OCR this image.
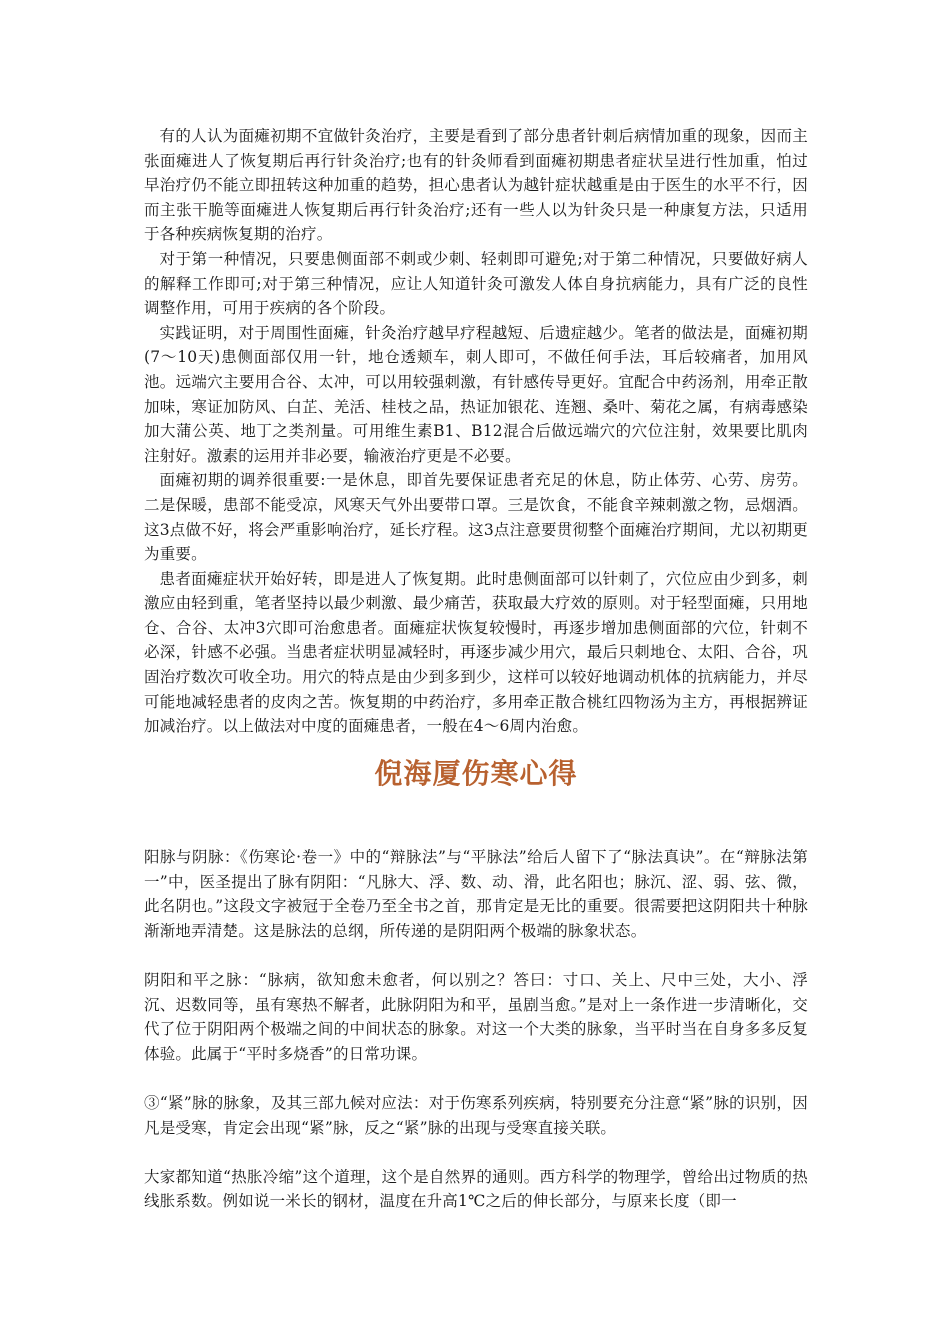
有的人认为面瘫初期不宜做针灸治疗，主要是看到了部分患者针刺后病情加重的现象，因而主张面瘫进人了恢复期后再行针灸治疗;也有的针灸师看到面瘫初期患者症状呈进行性加重，怕过早治疗仍不能立即扭转这种加重的趋势，担心患者认为越针症状越重是由于医生的水平不行，因而主张干脆等面瘫进人恢复期后再行针灸治疗;还有一些人以为针灸只是一种康复方法，只适用于各种疾病恢复期的治疗。

对于第一种情况，只要患侧面部不刺或少刺、轻刺即可避免;对于第二种情况，只要做好病人的解释工作即可;对于第三种情况，应让人知道针灸可激发人体自身抗病能力，具有广泛的良性调整作用，可用于疾病的各个阶段。

实践证明，对于周围性面瘫，针灸治疗越早疗程越短、后遗症越少。笔者的做法是，面瘫初期(7～10天)患侧面部仅用一针，地仓透颊车，刺人即可，不做任何手法，耳后较痛者，加用风池。远端穴主要用合谷、太冲，可以用较强刺激，有针感传导更好。宜配合中药汤剂，用牵正散加味，寒证加防风、白芷、羌活、桂枝之品，热证加银花、连翘、桑叶、菊花之属，有病毒感染加大蒲公英、地丁之类剂量。可用维生素B1、B12混合后做远端穴的穴位注射，效果要比肌肉注射好。激素的运用并非必要，输液治疗更是不必要。

面瘫初期的调养很重要:一是休息，即首先要保证患者充足的休息，防止体劳、心劳、房劳。二是保暖，患部不能受凉，风寒天气外出要带口罩。三是饮食，不能食辛辣刺激之物，忌烟酒。这3点做不好，将会严重影响治疗，延长疗程。这3点注意要贯彻整个面瘫治疗期间，尤以初期更为重要。

患者面瘫症状开始好转，即是进人了恢复期。此时患侧面部可以针刺了，穴位应由少到多，刺激应由轻到重，笔者坚持以最少刺激、最少痛苦，获取最大疗效的原则。对于轻型面瘫，只用地仓、合谷、太冲3穴即可治愈患者。面瘫症状恢复较慢时，再逐步增加患侧面部的穴位，针刺不必深，针感不必强。当患者症状明显减轻时，再逐步减少用穴，最后只刺地仓、太阳、合谷，巩固治疗数次可收全功。用穴的特点是由少到多到少，这样可以较好地调动机体的抗病能力，并尽可能地减轻患者的皮肉之苦。恢复期的中药治疗，多用牵正散合桃红四物汤为主方，再根据辨证加减治疗。以上做法对中度的面瘫患者，一般在4～6周内治愈。

倪海厦伤寒心得

阳脉与阴脉：《伤寒论·卷一》中的“辩脉法”与“平脉法”给后人留下了“脉法真诀”。在“辩脉法第一”中，医圣提出了脉有阴阳：“凡脉大、浮、数、动、滑，此名阳也；脉沉、涩、弱、弦、微，此名阴也。”这段文字被冠于全卷乃至全书之首，那肯定是无比的重要。很需要把这阴阳共十种脉渐渐地弄清楚。这是脉法的总纲，所传递的是阴阳两个极端的脉象状态。

阴阳和平之脉：“脉病，欲知愈未愈者，何以别之？答曰：寸口、关上、尺中三处，大小、浮沉、迟数同等，虽有寒热不解者，此脉阴阳为和平，虽剧当愈。”是对上一条作进一步清晰化，交代了位于阴阳两个极端之间的中间状态的脉象。对这一个大类的脉象，当平时当在自身多多反复体验。此属于“平时多烧香”的日常功课。

③“紧”脉的脉象，及其三部九候对应法：对于伤寒系列疾病，特别要充分注意“紧”脉的识别，因凡是受寒，肯定会出现“紧”脉，反之“紧”脉的出现与受寒直接关联。

大家都知道“热胀冷缩”这个道理，这个是自然界的通则。西方科学的物理学，曾给出过物质的热线胀系数。例如说一米长的钢材，温度在升高1℃之后的伸长部分，与原来长度（即一
